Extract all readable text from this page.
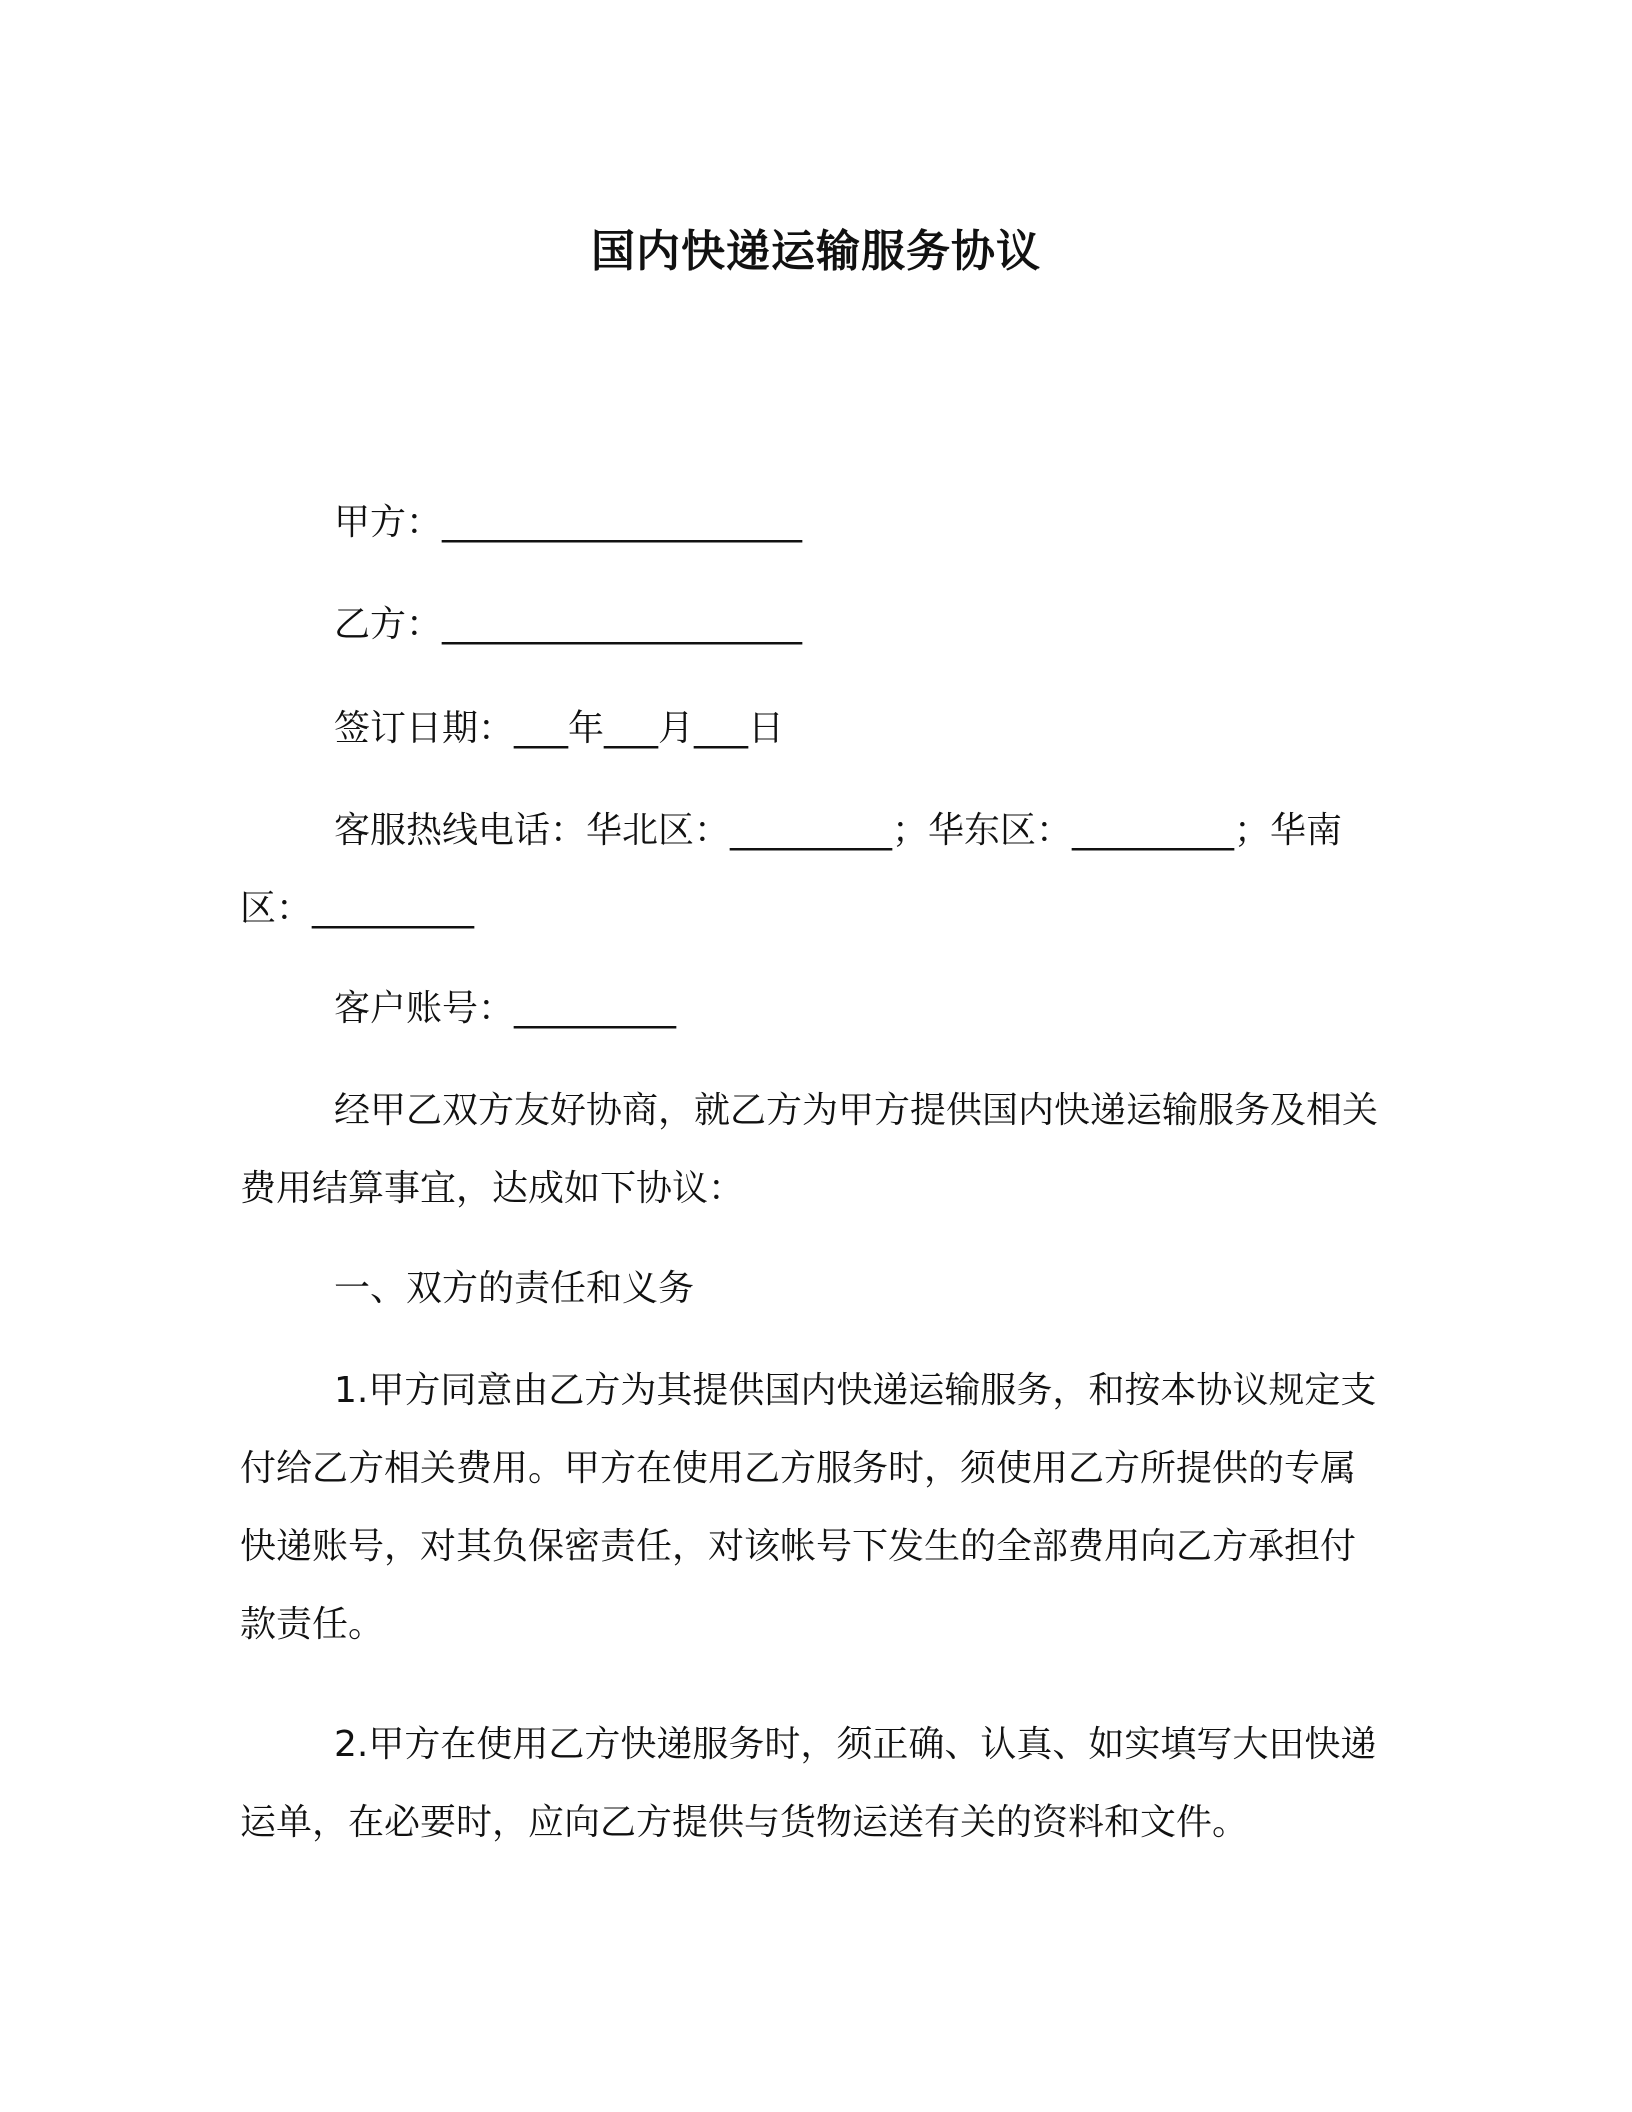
国内快递运输服务协议
甲方：____________________
乙方：____________________
签订日期：___年___月___日
客服热线电话：华北区：_________；华东区：_________；华南区：_________
客户账号：_________
经甲乙双方友好协商，就乙方为甲方提供国内快递运输服务及相关费用结算事宜，达成如下协议：
一、双方的责任和义务
1.甲方同意由乙方为其提供国内快递运输服务，和按本协议规定支付给乙方相关费用。甲方在使用乙方服务时，须使用乙方所提供的专属快递账号，对其负保密责任，对该帐号下发生的全部费用向乙方承担付款责任。
2.甲方在使用乙方快递服务时，须正确、认真、如实填写大田快递运单，在必要时，应向乙方提供与货物运送有关的资料和文件。
